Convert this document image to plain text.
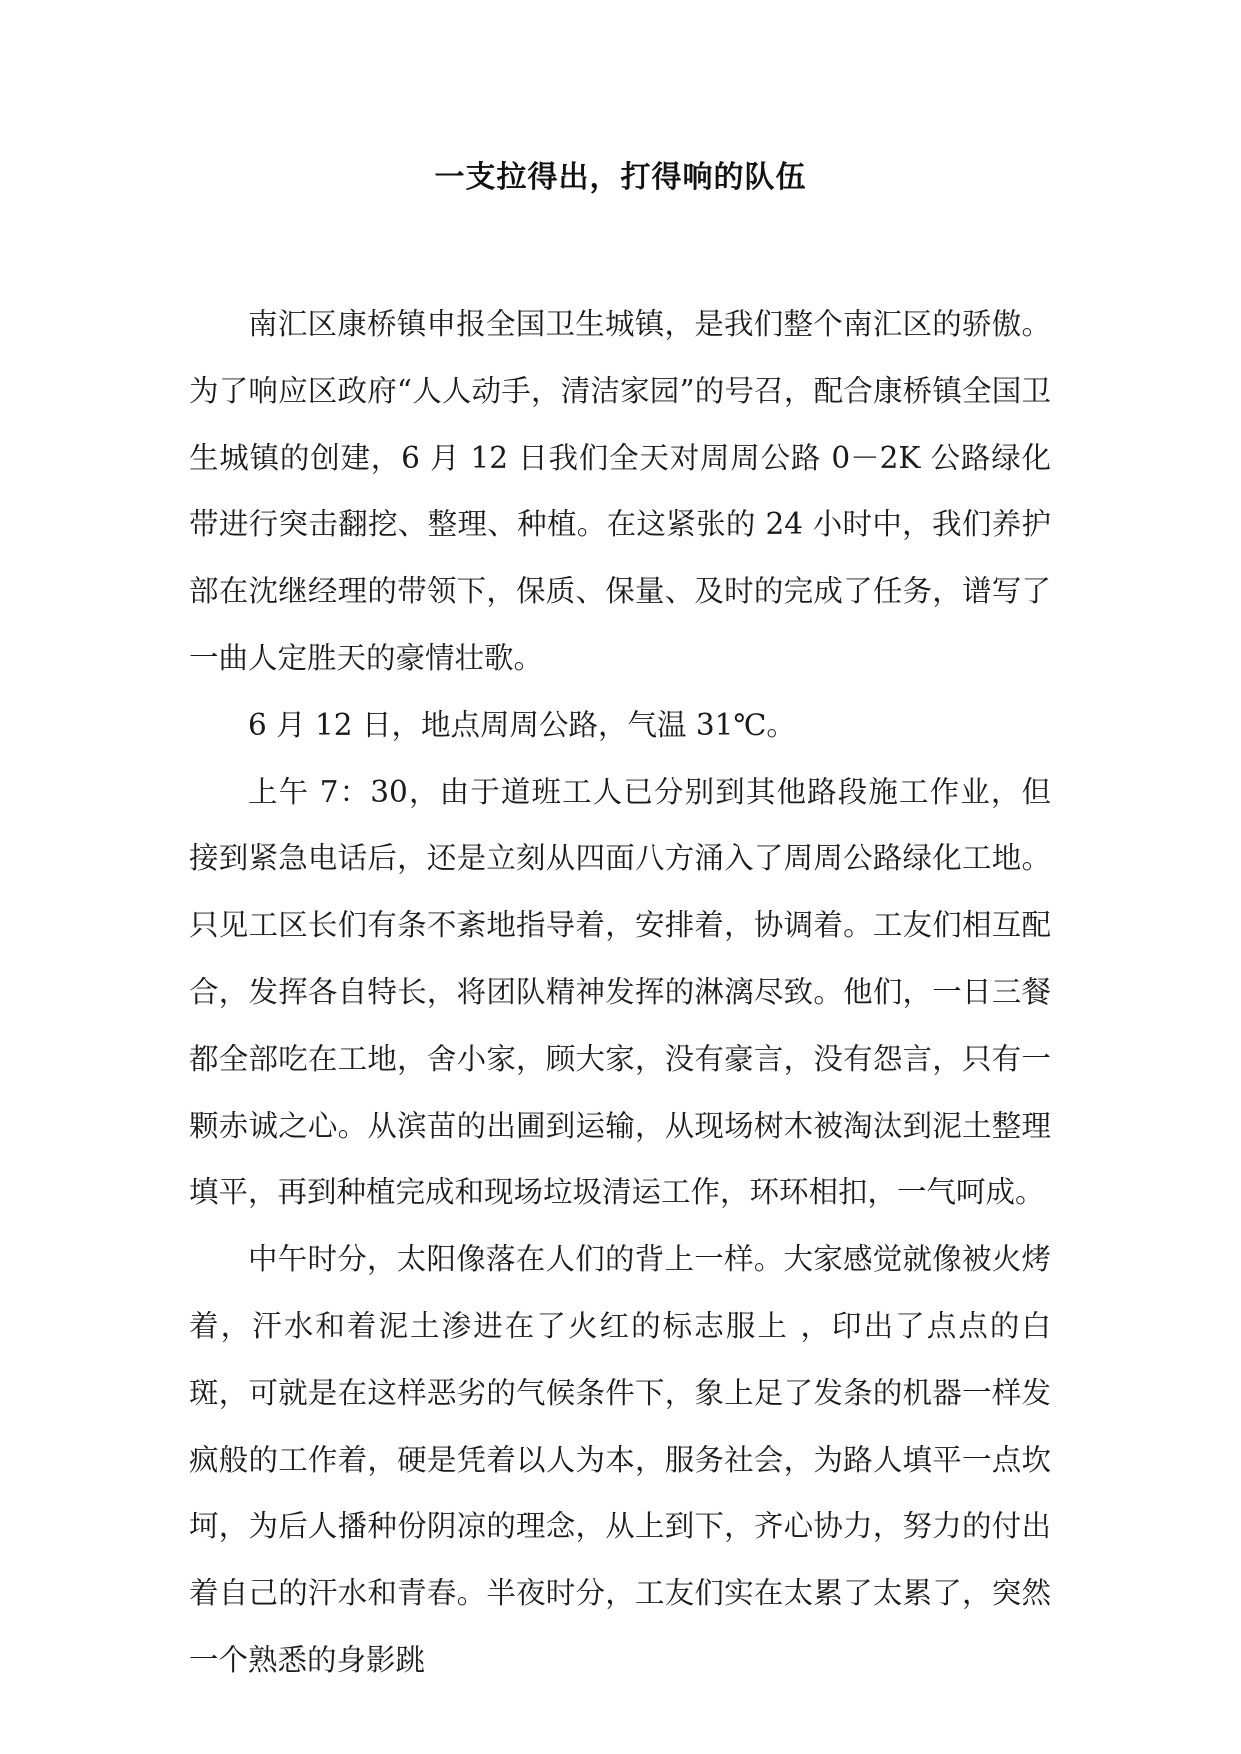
一支拉得出，打得响的队伍

南汇区康桥镇申报全国卫生城镇，是我们整个南汇区的骄傲。为了响应区政府“人人动手，清洁家园”的号召，配合康桥镇全国卫生城镇的创建，6 月 12 日我们全天对周周公路 0－2K 公路绿化带进行突击翻挖、整理、种植。在这紧张的 24 小时中，我们养护部在沈继经理的带领下，保质、保量、及时的完成了任务，谱写了一曲人定胜天的豪情壮歌。

6 月 12 日，地点周周公路，气温 31℃。

上午 7：30，由于道班工人已分别到其他路段施工作业，但接到紧急电话后，还是立刻从四面八方涌入了周周公路绿化工地。只见工区长们有条不紊地指导着，安排着，协调着。工友们相互配合，发挥各自特长，将团队精神发挥的淋漓尽致。他们，一日三餐都全部吃在工地，舍小家，顾大家，没有豪言，没有怨言，只有一颗赤诚之心。从滨苗的出圃到运输，从现场树木被淘汰到泥土整理填平，再到种植完成和现场垃圾清运工作，环环相扣，一气呵成。

中午时分，太阳像落在人们的背上一样。大家感觉就像被火烤着，汗水和着泥土渗进在了火红的标志服上 ，印出了点点的白斑，可就是在这样恶劣的气候条件下，象上足了发条的机器一样发疯般的工作着，硬是凭着以人为本，服务社会，为路人填平一点坎坷，为后人播种份阴凉的理念，从上到下，齐心协力，努力的付出着自己的汗水和青春。半夜时分，工友们实在太累了太累了，突然一个熟悉的身影跳
